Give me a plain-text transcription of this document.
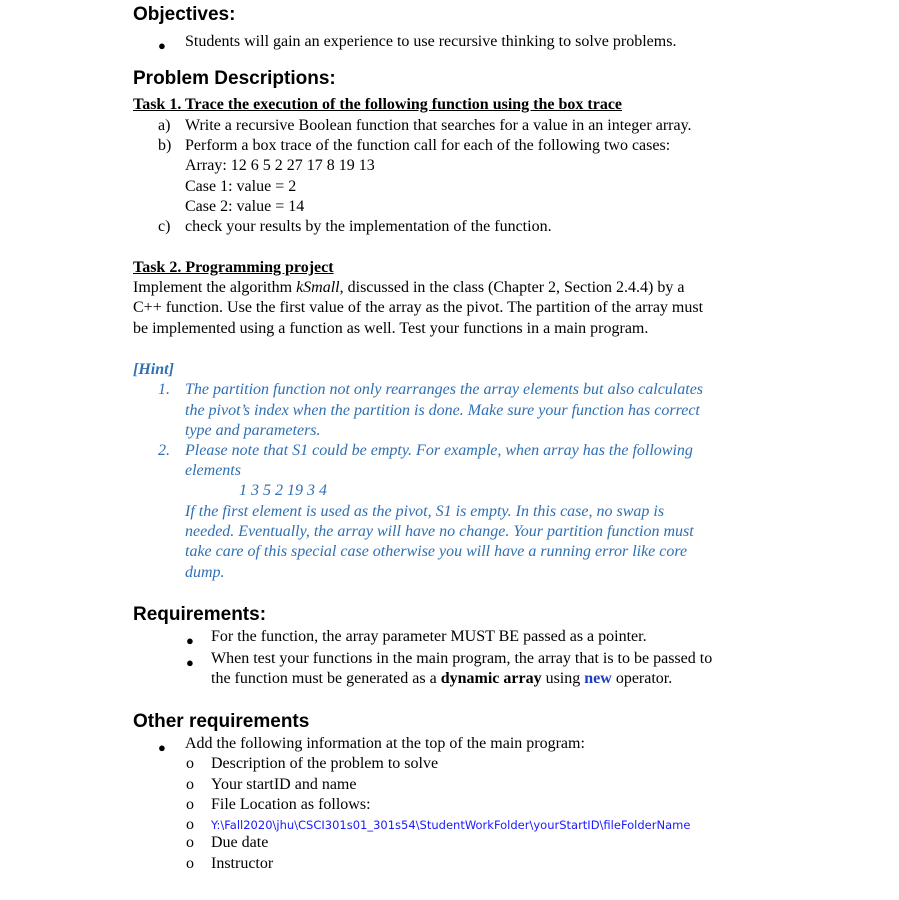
Objectives:
● Students will gain an experience to use recursive thinking to solve problems.
Problem Descriptions:
Task 1. Trace the execution of the following function using the box trace
a) Write a recursive Boolean function that searches for a value in an integer array.
b) Perform a box trace of the function call for each of the following two cases:
Array: 12 6 5 2 27 17 8 19 13
Case 1: value = 2
Case 2: value = 14
c) check your results by the implementation of the function.
Task 2. Programming project
Implement the algorithm kSmall, discussed in the class (Chapter 2, Section 2.4.4) by a
C++ function. Use the first value of the array as the pivot. The partition of the array must
be implemented using a function as well. Test your functions in a main program.
[Hint]
1. The partition function not only rearranges the array elements but also calculates
the pivot’s index when the partition is done. Make sure your function has correct
type and parameters.
2. Please note that S1 could be empty. For example, when array has the following
elements
1 3 5 2 19 3 4
If the first element is used as the pivot, S1 is empty. In this case, no swap is
needed. Eventually, the array will have no change. Your partition function must
take care of this special case otherwise you will have a running error like core
dump.
Requirements:
● For the function, the array parameter MUST BE passed as a pointer.
● When test your functions in the main program, the array that is to be passed to
the function must be generated as a dynamic array using new operator.
Other requirements
● Add the following information at the top of the main program:
o Description of the problem to solve
o Your startID and name
o File Location as follows:
o Y:\Fall2020\jhu\CSCI301s01_301s54\StudentWorkFolder\yourStartID\fileFolderName
o Due date
o Instructor
